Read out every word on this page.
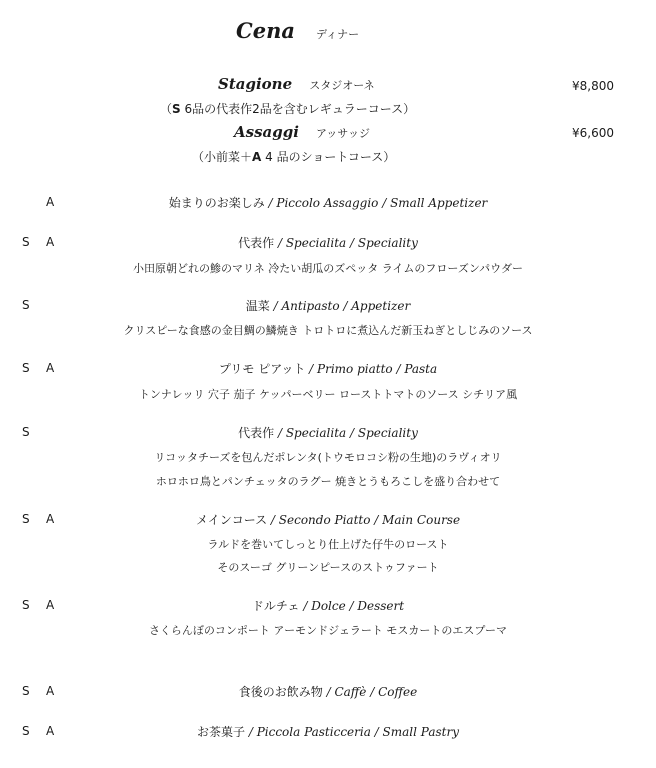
Cena ディナー
Stagione スタジオーネ	¥8,800
（S 6品の代表作2品を含むレギュラーコース）
Assaggi アッサッジ	¥6,600
（小前菜＋A 4 品のショートコース）
A	始まりのお楽しみ / Piccolo Assaggio / Small Appetizer
S A	代表作 / Specialita / Speciality
小田原朝どれの鯵のマリネ 冷たい胡瓜のズペッタ ライムのフローズンパウダー
S	温菜 / Antipasto / Appetizer
クリスピーな食感の金目鯛の鱗焼き トロトロに煮込んだ新玉ねぎとしじみのソース
S A	プリモ ピアット / Primo piatto / Pasta
トンナレッリ 穴子 茄子 ケッパーベリー ローストトマトのソース シチリア風
S	代表作 / Specialita / Speciality
リコッタチーズを包んだポレンタ(トウモロコシ粉の生地)のラヴィオリ
ホロホロ鳥とパンチェッタのラグー 焼きとうもろこしを盛り合わせて
S A	メインコース / Secondo Piatto / Main Course
ラルドを巻いてしっとり仕上げた仔牛のロースト
そのスーゴ グリーンピースのストゥファート
S A	ドルチェ / Dolce / Dessert
さくらんぼのコンポート アーモンドジェラート モスカートのエスプーマ
S A	食後のお飲み物 / Caffè / Coffee
S A	お茶菓子 / Piccola Pasticceria / Small Pastry
